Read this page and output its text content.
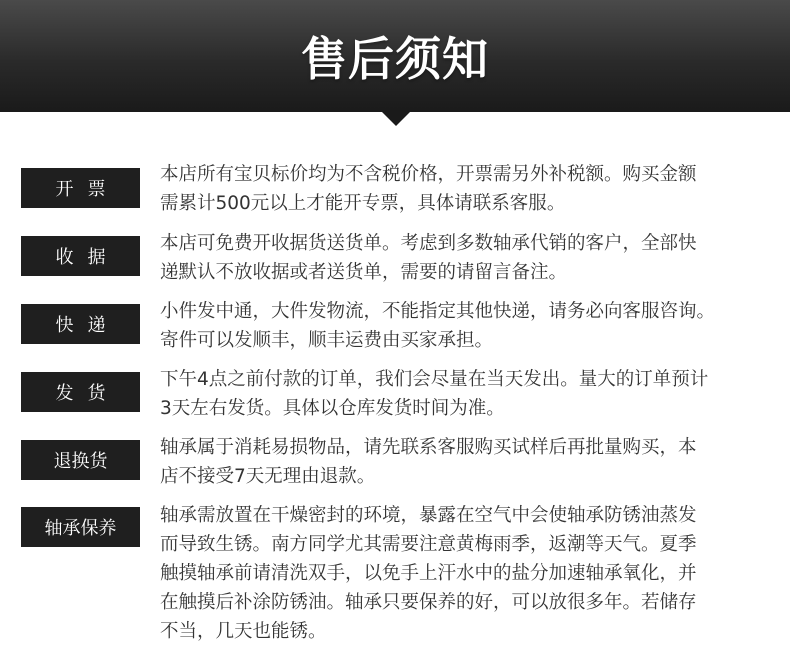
售后须知
开票
本店所有宝贝标价均为不含税价格，开票需另外补税额。购买金额
需累计500元以上才能开专票，具体请联系客服。
收据
本店可免费开收据货送货单。考虑到多数轴承代销的客户，全部快
递默认不放收据或者送货单，需要的请留言备注。
快递
小件发中通，大件发物流，不能指定其他快递，请务必向客服咨询。
寄件可以发顺丰，顺丰运费由买家承担。
发货
下午4点之前付款的订单，我们会尽量在当天发出。量大的订单预计
3天左右发货。具体以仓库发货时间为准。
退换货
轴承属于消耗易损物品，请先联系客服购买试样后再批量购买，本
店不接受7天无理由退款。
轴承保养
轴承需放置在干燥密封的环境，暴露在空气中会使轴承防锈油蒸发
而导致生锈。南方同学尤其需要注意黄梅雨季，返潮等天气。夏季
触摸轴承前请清洗双手，以免手上汗水中的盐分加速轴承氧化，并
在触摸后补涂防锈油。轴承只要保养的好，可以放很多年。若储存
不当，几天也能锈。
